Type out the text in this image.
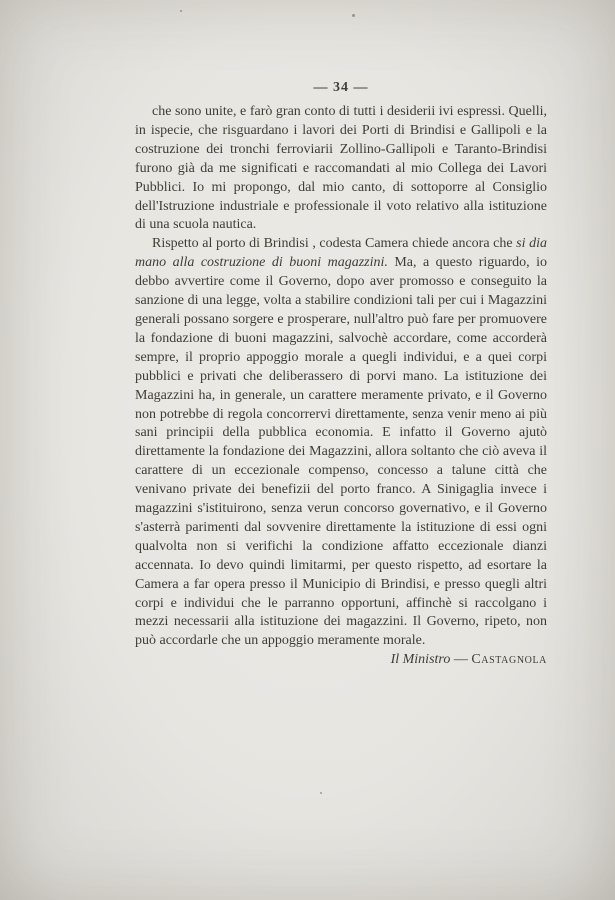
— 34 —

che sono unite, e farò gran conto di tutti i desiderii ivi espressi. Quelli, in ispecie, che risguardano i lavori dei Porti di Brindisi e Gallipoli e la costruzione dei tronchi ferroviarii Zollino-Gallipoli e Taranto-Brindisi furono già da me significati e raccomandati al mio Collega dei Lavori Pubblici. Io mi propongo, dal mio canto, di sottoporre al Consiglio dell'Istruzione industriale e professionale il voto relativo alla istituzione di una scuola nautica.

Rispetto al porto di Brindisi , codesta Camera chiede ancora che si dia mano alla costruzione di buoni magazzini. Ma, a questo riguardo, io debbo avvertire come il Governo, dopo aver promosso e conseguito la sanzione di una legge, volta a stabilire condizioni tali per cui i Magazzini generali possano sorgere e prosperare, null'altro può fare per promuovere la fondazione di buoni magazzini, salvochè accordare, come accorderà sempre, il proprio appoggio morale a quegli individui, e a quei corpi pubblici e privati che deliberassero di porvi mano. La istituzione dei Magazzini ha, in generale, un carattere meramente privato, e il Governo non potrebbe di regola concorrervi direttamente, senza venir meno ai più sani principii della pubblica economia. E infatto il Governo ajutò direttamente la fondazione dei Magazzini, allora soltanto che ciò aveva il carattere di un eccezionale compenso, concesso a talune città che venivano private dei benefizii del porto franco. A Sinigaglia invece i magazzini s'istituirono, senza verun concorso governativo, e il Governo s'asterrà parimenti dal sovvenire direttamente la istituzione di essi ogni qualvolta non si verifichi la condizione affatto eccezionale dianzi accennata. Io devo quindi limitarmi, per questo rispetto, ad esortare la Camera a far opera presso il Municipio di Brindisi, e presso quegli altri corpi e individui che le parranno opportuni, affinchè si raccolgano i mezzi necessarii alla istituzione dei magazzini. Il Governo, ripeto, non può accordarle che un appoggio meramente morale.
Il Ministro — Castagnola
